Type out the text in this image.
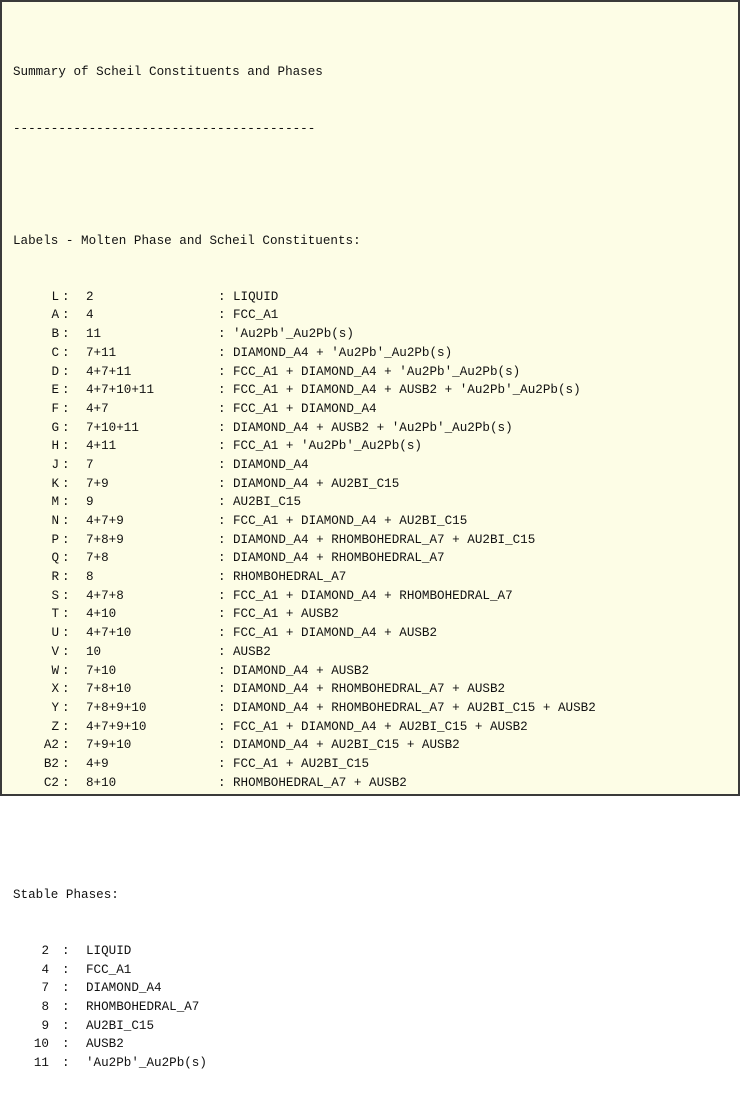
Summary of Scheil Constituents and Phases

----------------------------------------

Labels - Molten Phase and Scheil Constituents:

L : 2	: LIQUID
A : 4	: FCC_A1
B : 11	: 'Au2Pb'_Au2Pb(s)
C : 7+11	: DIAMOND_A4 + 'Au2Pb'_Au2Pb(s)
D : 4+7+11	: FCC_A1 + DIAMOND_A4 + 'Au2Pb'_Au2Pb(s)
E : 4+7+10+11	: FCC_A1 + DIAMOND_A4 + AUSB2 + 'Au2Pb'_Au2Pb(s)
F : 4+7	: FCC_A1 + DIAMOND_A4
G : 7+10+11	: DIAMOND_A4 + AUSB2 + 'Au2Pb'_Au2Pb(s)
H : 4+11	: FCC_A1 + 'Au2Pb'_Au2Pb(s)
J : 7	: DIAMOND_A4
K : 7+9	: DIAMOND_A4 + AU2BI_C15
M : 9	: AU2BI_C15
N : 4+7+9	: FCC_A1 + DIAMOND_A4 + AU2BI_C15
P : 7+8+9	: DIAMOND_A4 + RHOMBOHEDRAL_A7 + AU2BI_C15
Q : 7+8	: DIAMOND_A4 + RHOMBOHEDRAL_A7
R : 8	: RHOMBOHEDRAL_A7
S : 4+7+8	: FCC_A1 + DIAMOND_A4 + RHOMBOHEDRAL_A7
T : 4+10	: FCC_A1 + AUSB2
U : 4+7+10	: FCC_A1 + DIAMOND_A4 + AUSB2
V : 10	: AUSB2
W : 7+10	: DIAMOND_A4 + AUSB2
X : 7+8+10	: DIAMOND_A4 + RHOMBOHEDRAL_A7 + AUSB2
Y : 7+8+9+10	: DIAMOND_A4 + RHOMBOHEDRAL_A7 + AU2BI_C15 + AUSB2
Z : 4+7+9+10	: FCC_A1 + DIAMOND_A4 + AU2BI_C15 + AUSB2
A2 : 7+9+10	: DIAMOND_A4 + AU2BI_C15 + AUSB2
B2 : 4+9	: FCC_A1 + AU2BI_C15
C2 : 8+10	: RHOMBOHEDRAL_A7 + AUSB2

Stable Phases:

2 : LIQUID
4 : FCC_A1
7 : DIAMOND_A4
8 : RHOMBOHEDRAL_A7
9 : AU2BI_C15
10 : AUSB2
11 : 'Au2Pb'_Au2Pb(s)
